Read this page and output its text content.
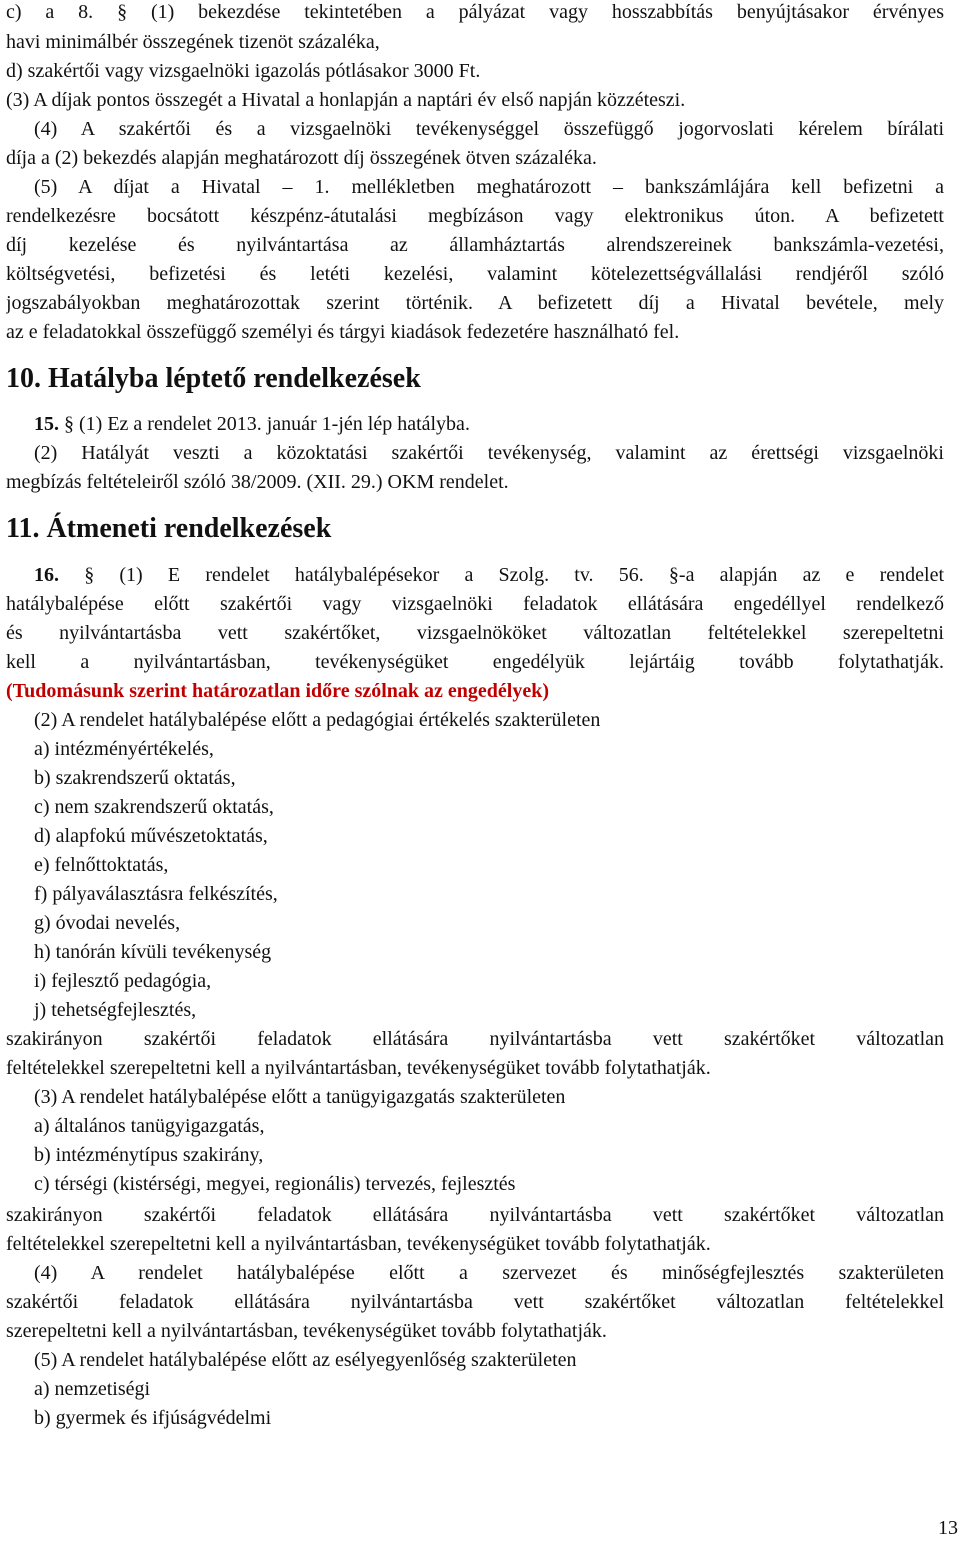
c) a 8. § (1) bekezdése tekintetében a pályázat vagy hosszabbítás benyújtásakor érvényes
havi minimálbér összegének tizenöt százaléka,
d) szakértői vagy vizsgaelnöki igazolás pótlásakor 3000 Ft.
(3) A díjak pontos összegét a Hivatal a honlapján a naptári év első napján közzéteszi.
(4) A szakértői és a vizsgaelnöki tevékenységgel összefüggő jogorvoslati kérelem bírálati
díja a (2) bekezdés alapján meghatározott díj összegének ötven százaléka.
(5) A díjat a Hivatal – 1. mellékletben meghatározott – bankszámlájára kell befizetni a
rendelkezésre bocsátott készpénz-átutalási megbízáson vagy elektronikus úton. A befizetett
díj kezelése és nyilvántartása az államháztartás alrendszereinek bankszámla-vezetési,
költségvetési, befizetési és letéti kezelési, valamint kötelezettségvállalási rendjéről szóló
jogszabályokban meghatározottak szerint történik. A befizetett díj a Hivatal bevétele, mely
az e feladatokkal összefüggő személyi és tárgyi kiadások fedezetére használható fel.
10. Hatályba léptető rendelkezések
15. § (1) Ez a rendelet 2013. január 1-jén lép hatályba.
(2) Hatályát veszti a közoktatási szakértői tevékenység, valamint az érettségi vizsgaelnöki
megbízás feltételeiről szóló 38/2009. (XII. 29.) OKM rendelet.
11. Átmeneti rendelkezések
16. § (1) E rendelet hatálybalépésekor a Szolg. tv. 56. §-a alapján az e rendelet
hatálybalépése előtt szakértői vagy vizsgaelnöki feladatok ellátására engedéllyel rendelkező
és nyilvántartásba vett szakértőket, vizsgaelnököket változatlan feltételekkel szerepeltetni
kell a nyilvántartásban, tevékenységüket engedélyük lejártáig tovább folytathatják.
(Tudomásunk szerint határozatlan időre szólnak az engedélyek)
(2) A rendelet hatálybalépése előtt a pedagógiai értékelés szakterületen
a) intézményértékelés,
b) szakrendszerű oktatás,
c) nem szakrendszerű oktatás,
d) alapfokú művészetoktatás,
e) felnőttoktatás,
f) pályaválasztásra felkészítés,
g) óvodai nevelés,
h) tanórán kívüli tevékenység
i) fejlesztő pedagógia,
j) tehetségfejlesztés,
szakirányon szakértői feladatok ellátására nyilvántartásba vett szakértőket változatlan
feltételekkel szerepeltetni kell a nyilvántartásban, tevékenységüket tovább folytathatják.
(3) A rendelet hatálybalépése előtt a tanügyigazgatás szakterületen
a) általános tanügyigazgatás,
b) intézménytípus szakirány,
c) térségi (kistérségi, megyei, regionális) tervezés, fejlesztés
szakirányon szakértői feladatok ellátására nyilvántartásba vett szakértőket változatlan
feltételekkel szerepeltetni kell a nyilvántartásban, tevékenységüket tovább folytathatják.
(4) A rendelet hatálybalépése előtt a szervezet és minőségfejlesztés szakterületen
szakértői feladatok ellátására nyilvántartásba vett szakértőket változatlan feltételekkel
szerepeltetni kell a nyilvántartásban, tevékenységüket tovább folytathatják.
(5) A rendelet hatálybalépése előtt az esélyegyenlőség szakterületen
a) nemzetiségi
b) gyermek és ifjúságvédelmi
13
